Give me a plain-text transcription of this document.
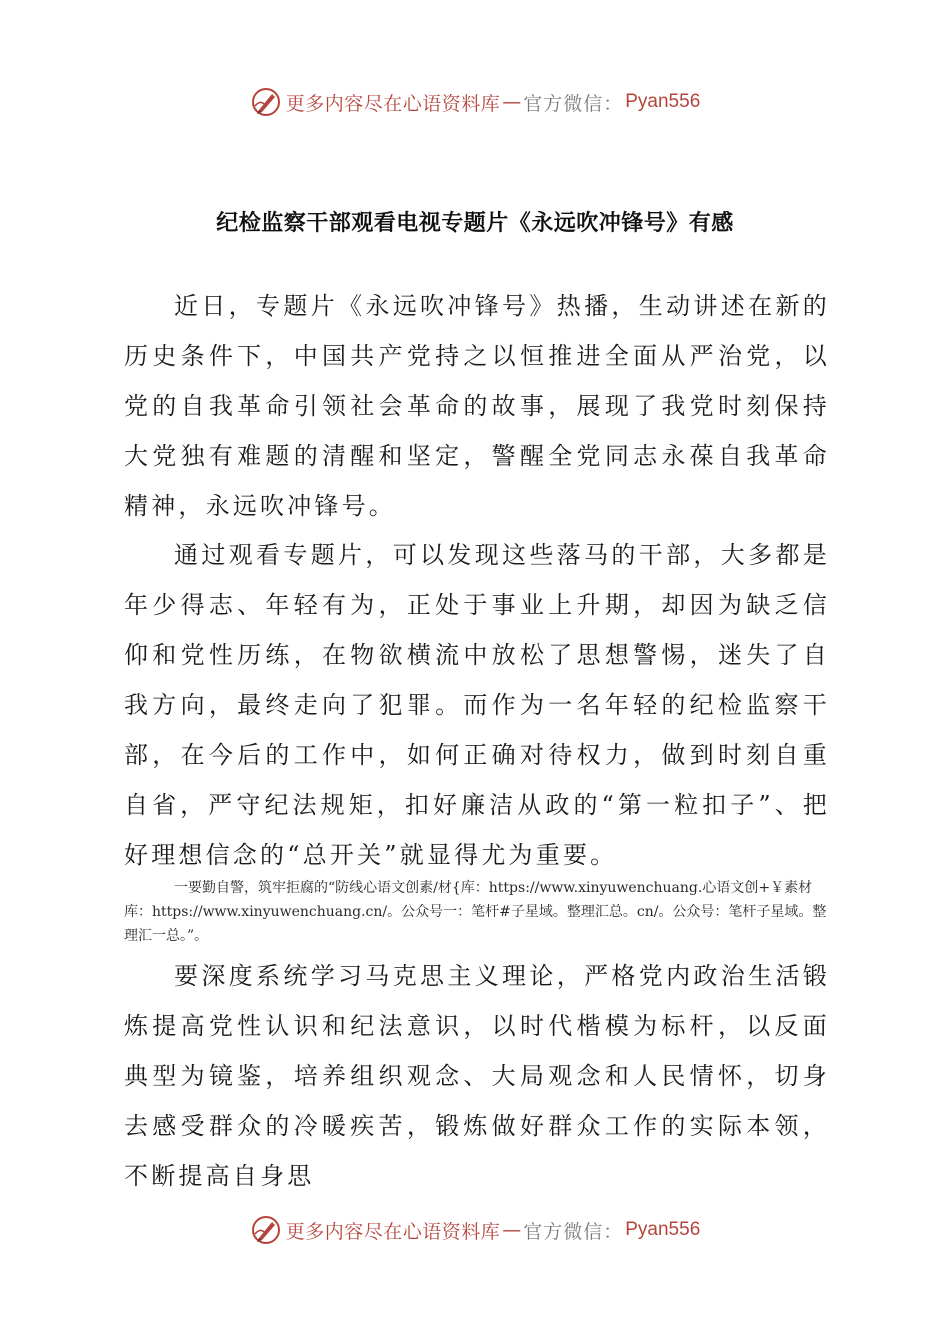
更多内容尽在心语资料库 — 官方微信： Pyan556
纪检监察干部观看电视专题片《永远吹冲锋号》有感

近日，专题片《永远吹冲锋号》热播，生动讲述在新的历史条件下，中国共产党持之以恒推进全面从严治党，以党的自我革命引领社会革命的故事，展现了我党时刻保持大党独有难题的清醒和坚定，警醒全党同志永葆自我革命精神，永远吹冲锋号。

通过观看专题片，可以发现这些落马的干部，大多都是年少得志、年轻有为，正处于事业上升期，却因为缺乏信仰和党性历练，在物欲横流中放松了思想警惕，迷失了自我方向，最终走向了犯罪。而作为一名年轻的纪检监察干部，在今后的工作中，如何正确对待权力，做到时刻自重自省，严守纪法规矩，扣好廉洁从政的“第一粒扣子”、把好理想信念的“总开关”就显得尤为重要。

一要勤自警，筑牢拒腐的“防线心语文创素/材{库：https://www.xinyuwenchuang.心语文创+￥素材库：https://www.xinyuwenchuang.cn/。公众号一：笔杆#子星域。整理汇总。cn/。公众号：笔杆子星域。整理汇一总。”。

要深度系统学习马克思主义理论，严格党内政治生活锻炼提高党性认识和纪法意识，以时代楷模为标杆，以反面典型为镜鉴，培养组织观念、大局观念和人民情怀，切身去感受群众的冷暖疾苦，锻炼做好群众工作的实际本领，不断提高自身思

更多内容尽在心语资料库 — 官方微信： Pyan556
